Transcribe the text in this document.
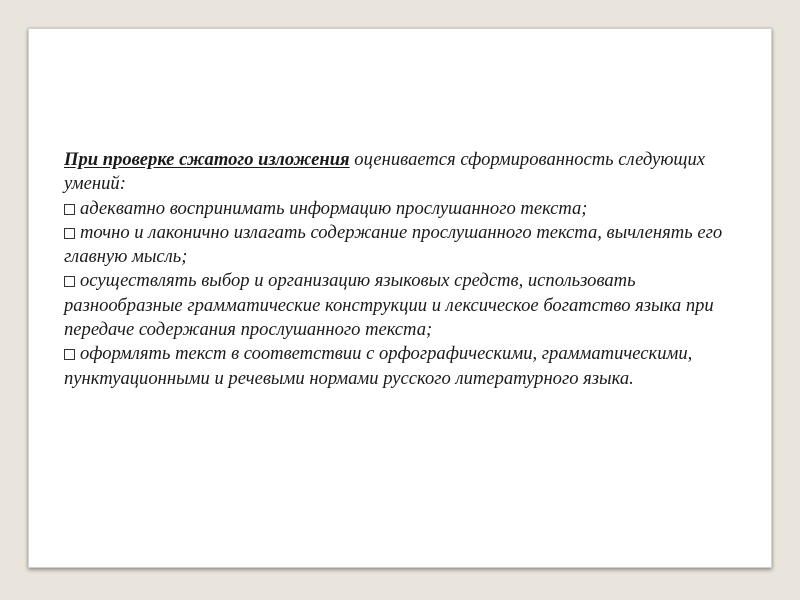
При проверке сжатого изложения оценивается сформированность следующих умений:

адекватно воспринимать информацию прослушанного текста;

точно и лаконично излагать содержание прослушанного текста, вычленять его главную мысль;

осуществлять выбор и организацию языковых средств, использовать разнообразные грамматические конструкции и лексическое богатство языка при передаче содержания прослушанного текста;

оформлять текст в соответствии с орфографическими, грамматическими, пунктуационными и речевыми нормами русского литературного языка.
